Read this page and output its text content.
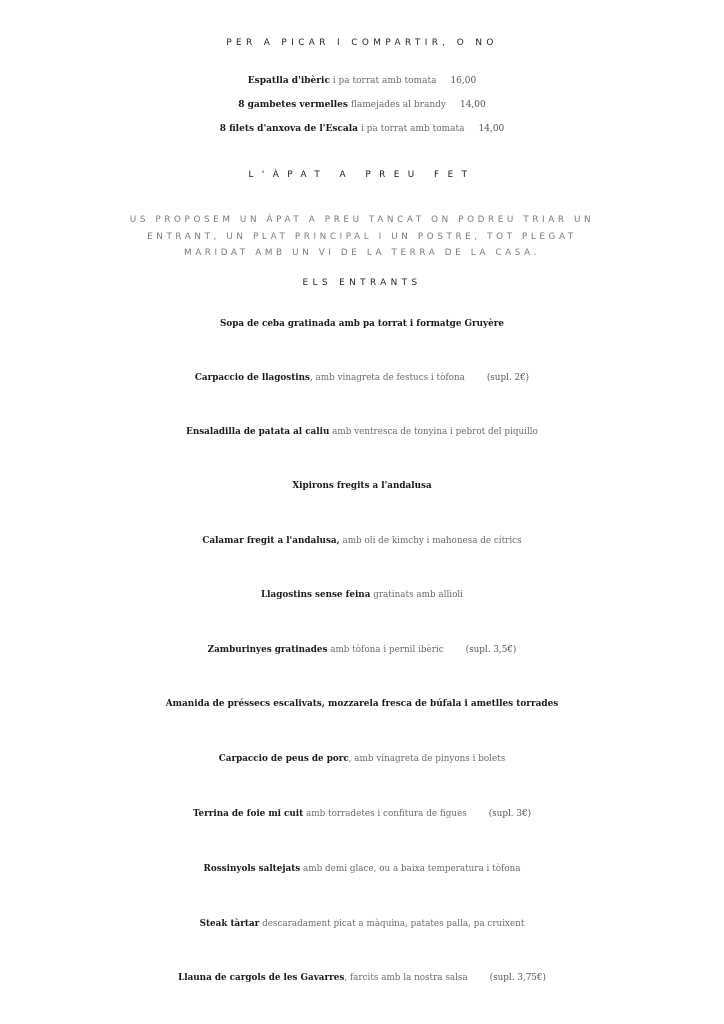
PER A PICAR I COMPARTIR, O NO
Espatlla d'ibèric i pa torrat amb tomata 16,00
8 gambetes vermelles flamejades al brandy 14,00
8 filets d'anxova de l'Escala i pa torrat amb tomata 14,00
L'ÀPAT A PREU FET
US PROPOSEM UN ÀPAT A PREU TANCAT ON PODREU TRIAR UN
ENTRANT, UN PLAT PRINCIPAL I UN POSTRE, TOT PLEGAT
MARIDAT AMB UN VI DE LA TERRA DE LA CASA.
ELS ENTRANTS
Sopa de ceba gratinada amb pa torrat i formatge Gruyère
Carpaccio de llagostins, amb vinagreta de festucs i tòfona	(supl. 2€)
Ensaladilla de patata al caliu amb ventresca de tonyina i pebrot del piquillo
Xipirons fregits a l'andalusa
Calamar fregit a l'andalusa, amb oli de kimchy i mahonesa de cítrics
Llagostins sense feina gratinats amb allioli
Zamburinyes gratinades amb tòfona i pernil ibèric	(supl. 3,5€)
Amanida de préssecs escalivats, mozzarela fresca de búfala i ametlles torrades
Carpaccio de peus de porc, amb vinagreta de pinyons i bolets
Terrina de foie mi cuit amb torradetes i confitura de figues	(supl. 3€)
Rossinyols saltejats amb demi glace, ou a baixa temperatura i tòfona
Steak tàrtar descaradament picat a màquina, patates palla, pa cruixent
Llauna de cargols de les Gavarres, farcits amb la nostra salsa	(supl. 3,75€)
